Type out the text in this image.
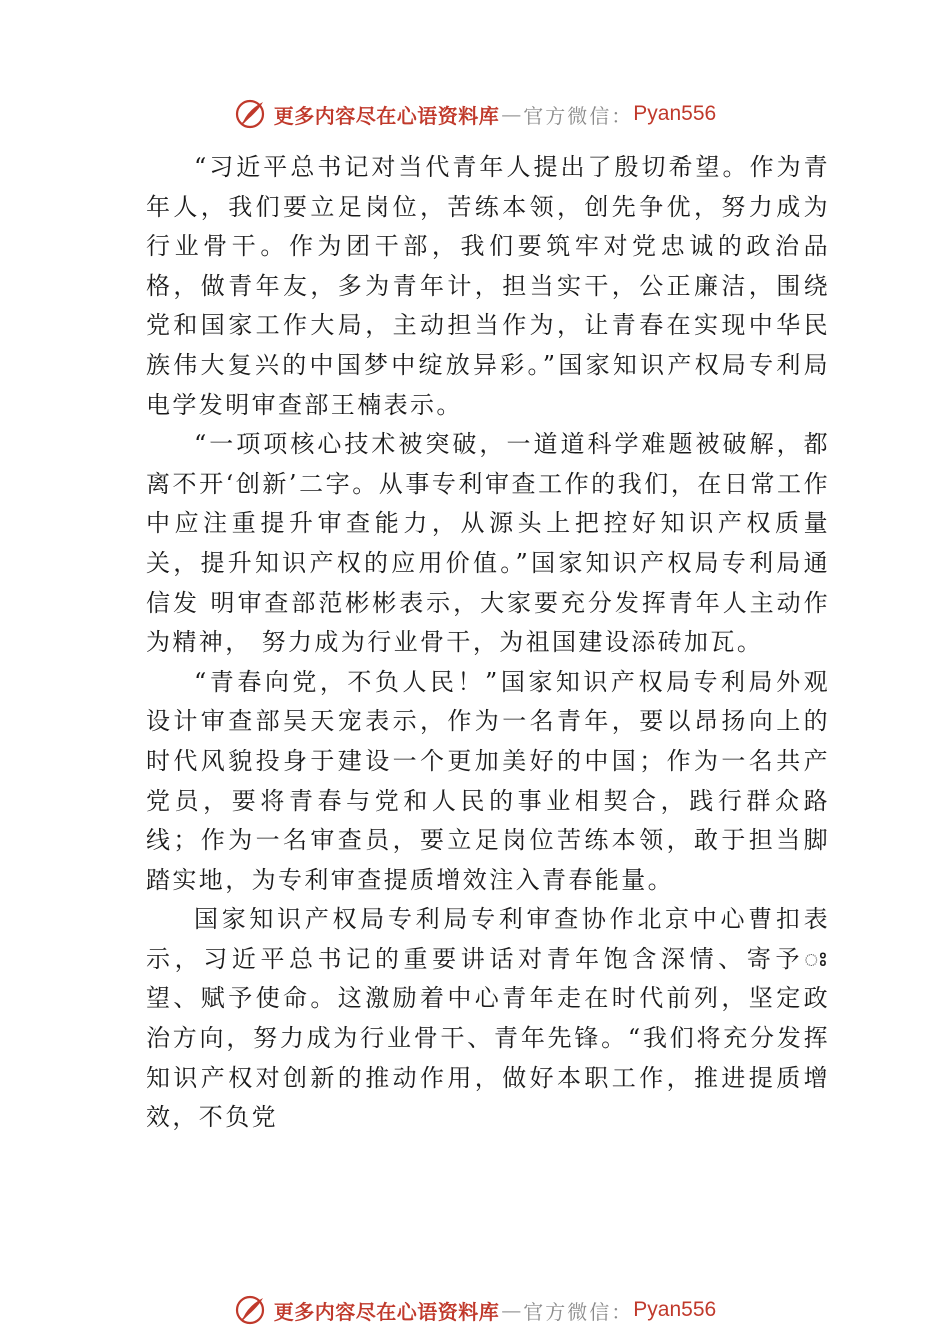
更多内容尽在心语资料库 — 官方微信： Pyan556

“习近平总书记对当代青年人提出了殷切希望。作为青年人，我们要立足岗位，苦练本领，创先争优，努力成为行业骨干。作为团干部，我们要筑牢对党忠诚的政治品格，做青年友，多为青年计，担当实干，公正廉洁，围绕党和国家工作大局，主动担当作为，让青春在实现中华民族伟大复兴的中国梦中绽放异彩。”国家知识产权局专利局电学发明审查部王楠表示。

“一项项核心技术被突破，一道道科学难题被破解，都离不开‘创新’二字。从事专利审查工作的我们，在日常工作中应注重提升审查能力，从源头上把控好知识产权质量关，提升知识产权的应用价值。”国家知识产权局专利局通信发 明审查部范彬彬表示，大家要充分发挥青年人主动作为精神， 努力成为行业骨干，为祖国建设添砖加瓦。

“青春向党，不负人民！”国家知识产权局专利局外观设计审查部吴天宠表示，作为一名青年，要以昂扬向上的时代风貌投身于建设一个更加美好的中国；作为一名共产党员，要将青春与党和人民的事业相契合，践行群众路线；作为一名审查员，要立足岗位苦练本领，敢于担当脚踏实地，为专利审查提质增效注入青春能量。

国家知识产权局专利局专利审查协作北京中心曹扣表示，习近平总书记的重要讲话对青年饱含深情、寄予ꢁ望、赋予使命。这激励着中心青年走在时代前列，坚定政治方向，努力成为行业骨干、青年先锋。“我们将充分发挥知识产权对创新的推动作用，做好本职工作，推进提质增效，不负党

更多内容尽在心语资料库 — 官方微信： Pyan556
